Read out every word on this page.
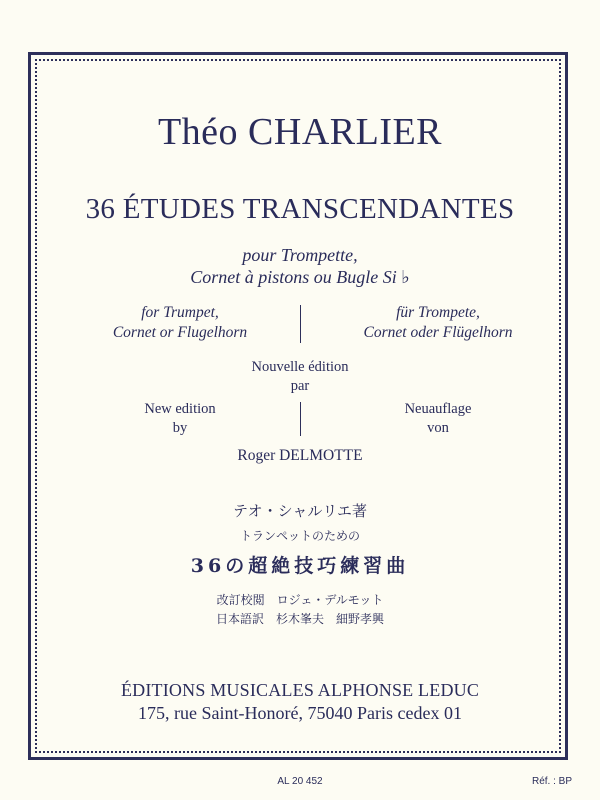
Théo CHARLIER
36 ÉTUDES TRANSCENDANTES
pour Trompette,
Cornet à pistons ou Bugle Si ♭
for Trumpet,
Cornet or Flugelhorn
für Trompete,
Cornet oder Flügelhorn
Nouvelle édition
par
New edition
by
Neuauflage
von
Roger DELMOTTE
テオ・シャルリエ著
トランペットのための
36の超絶技巧練習曲
改訂校閲　ロジェ・デルモット
日本語訳　杉木峯夫　細野孝興
ÉDITIONS MUSICALES ALPHONSE LEDUC
175, rue Saint-Honoré, 75040 Paris cedex 01
AL 20 452	Réf. : BP
